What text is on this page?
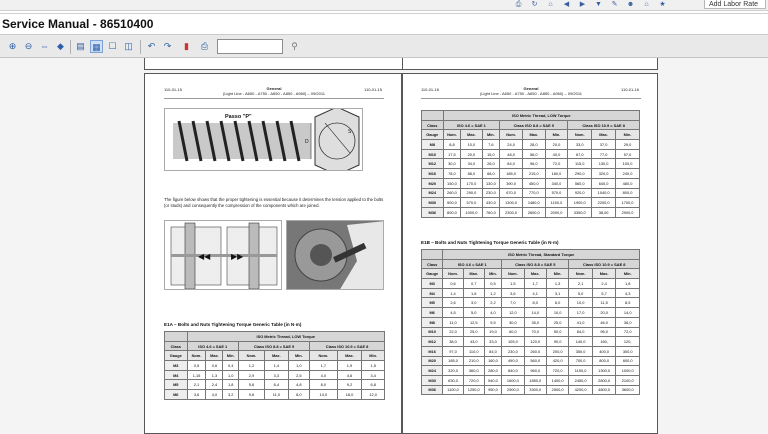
⎙	↻	⌂	◀	▶	▼	✎	☻	⌂	★	Add Labor Rate
Service Manual - 86510400
⊕ ⊖ ⇔ ◆	▤ ▦ ☐ ◫	↶ ↷	▮	⎙	⚲
110-01-15	110-01-15
General
(Light Line - A650 - A750 - A650 - A850 - A960) – 09/2011
S
D
Passo "P"
The figure below shows that the proper tightening is essential because it determines the tension applied to the bolts (or studs) and consequently the compression of the components which are joined.
◀◀	▶▶
E1A – Bolts and Nuts Tightening Torque Generic Table (in N·m)
	ISO Metric Thread, LOW Torque								
Class	ISO 4.6 = SAE 1			Class ISO 8.8 = SAE 5			Class ISO 10.9 = SAE 8		
Gauge	Nom.	Max.	Min.	Nom.	Max.	Min.	Nom.	Max.	Min.
M3	0,5	0,6	0,4	1,2	1,4	1,0	1,7	1,9	1,5
M4	1,15	1,3	1,0	2,9	3,3	2,5	4,0	4,6	3,4
M5	2,1	2,4	1,8	5,6	6,4	4,8	8,0	9,2	6,8
M6	3,6	4,0	3,2	9,6	11,0	8,0	14,0	16,0	12,0
110-01-16	110-01-16
General
(Light Line - A650 - A750 - A650 - A850 - A960) – 09/2011
	ISO Metric Thread, LOW Torque								
Class	ISO 4.6 = SAE 1			Class ISO 8.8 = SAE 5			Class ISO 10.9 = SAE 8		
Gauge	Nom.	Max.	Min.	Nom.	Max.	Min.	Nom.	Max.	Min.
M8	8,8	10,0	7,6	24,0	28,0	20,0	33,0	37,0	29,0
M10	17,5	20,0	15,0	48,0	56,0	40,0	67,0	77,0	57,0
M12	30,0	34,0	26,0	84,0	96,0	72,0	115,0	130,0	100,0
M16	78,0	88,0	68,0	185,0	215,0	160,0	290,0	320,0	240,0
M20	150,0	170,0	130,0	390,0	450,0	340,0	560,0	640,0	480,0
M24	260,0	290,0	230,0	670,0	770,0	570,0	920,0	1040,0	800,0
M30	500,0	570,0	430,0	1300,0	1480,0	1150,0	1900,0	2200,0	1700,0
M36	800,0	1000,0	760,0	2300,0	2600,0	2000,0	3350,0	38,00	2900,0
E1B – Bolts and Nuts Tightening Torque Generic Table (in N·m)
	ISO Metric Thread, Standard Torque								
Class	ISO 4.6 = SAE 1			Class ISO 8.8 = SAE 5			Class ISO 10.9 = SAE 8		
Gauge	Nom.	Max.	Min.	Nom.	Max.	Min.	Nom.	Max.	Min.
M3	0,6	0,7	0,5	1,5	1,7	1,3	2,1	2,4	1,8
M4	1,4	1,6	1,2	3,6	4,1	3,1	5,0	5,7	4,3
M5	2,6	3,0	2,2	7,0	8,0	6,0	10,0	11,5	8,5
M6	4,5	5,0	4,0	12,0	14,0	10,0	17,0	20,0	14,0
M8	11,0	12,5	9,5	30,0	35,0	25,0	41,0	46,0	36,0
M10	22,0	25,0	19,0	60,0	70,0	50,0	84,0	96,0	72,0
M12	38,0	43,0	33,0	105,0	120,0	90,0	140,0	160,	120,
M16	97,0	110,0	84,0	230,0	260,0	200,0	350,0	400,0	300,0
M20	185,0	210,0	160,0	490,0	560,0	420,0	700,0	800,0	600,0
M24	320,0	360,0	280,0	840,0	960,0	720,0	1150,0	1300,0	1000,0
M30	630,0	720,0	540,0	1600,0	1850,0	1400,0	2450,0	2800,0	2100,0
M36	1100,0	1250,0	950,0	2900,0	3300,0	2500,0	4200,0	4800,0	3600,0
